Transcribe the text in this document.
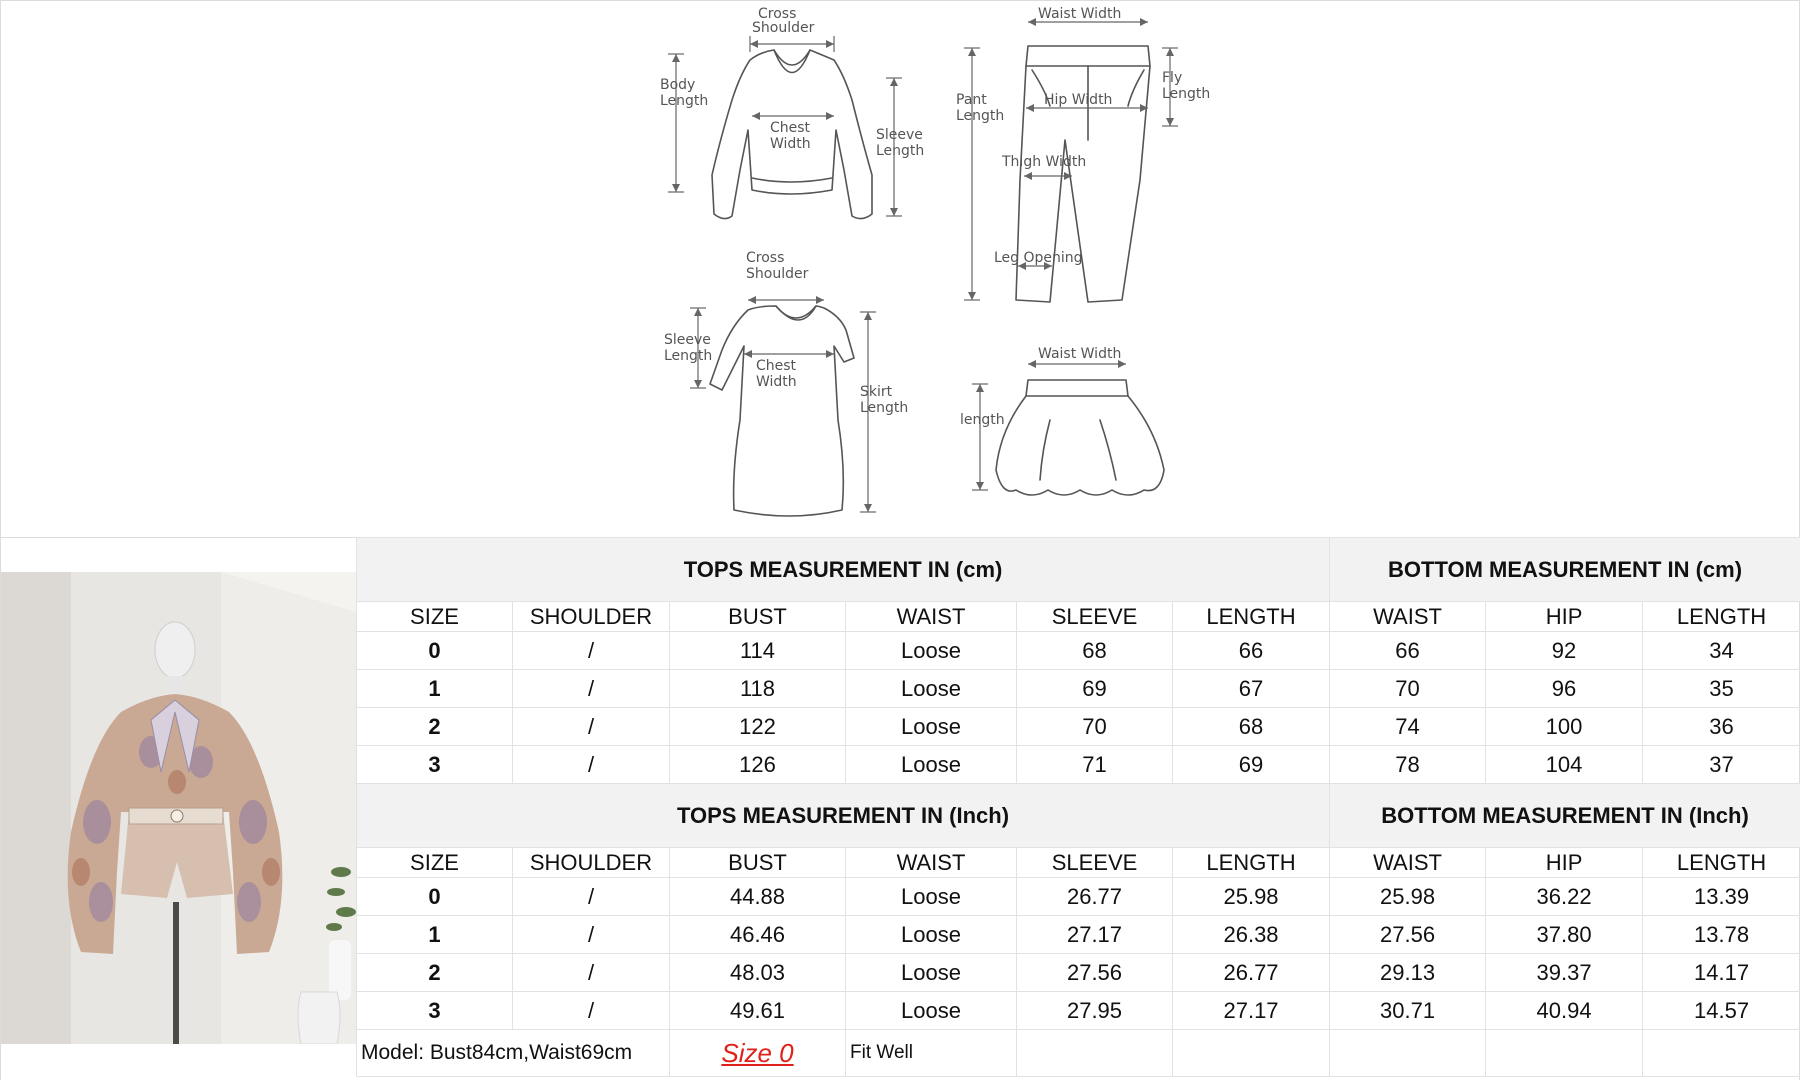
Cross
Shoulder
Body
Length
Chest
Width
Sleeve
Length
Waist Width
Pant
Length
Hip Width
Fly
Length
Thigh Width
Leg Opening
Cross
Shoulder
Sleeve
Length
Chest
Width
Skirt
Length
Waist Width
length
TOPS MEASUREMENT IN (cm)						BOTTOM MEASUREMENT IN (cm)		
SIZE	SHOULDER	BUST	WAIST	SLEEVE	LENGTH	WAIST	HIP	LENGTH
0	/	114	Loose	68	66	66	92	34
1	/	118	Loose	69	67	70	96	35
2	/	122	Loose	70	68	74	100	36
3	/	126	Loose	71	69	78	104	37
TOPS MEASUREMENT IN (Inch)						BOTTOM MEASUREMENT IN (Inch)		
SIZE	SHOULDER	BUST	WAIST	SLEEVE	LENGTH	WAIST	HIP	LENGTH
0	/	44.88	Loose	26.77	25.98	25.98	36.22	13.39
1	/	46.46	Loose	27.17	26.38	27.56	37.80	13.78
2	/	48.03	Loose	27.56	26.77	29.13	39.37	14.17
3	/	49.61	Loose	27.95	27.17	30.71	40.94	14.57
Model: Bust84cm,Waist69cm		Size 0	Fit Well					
